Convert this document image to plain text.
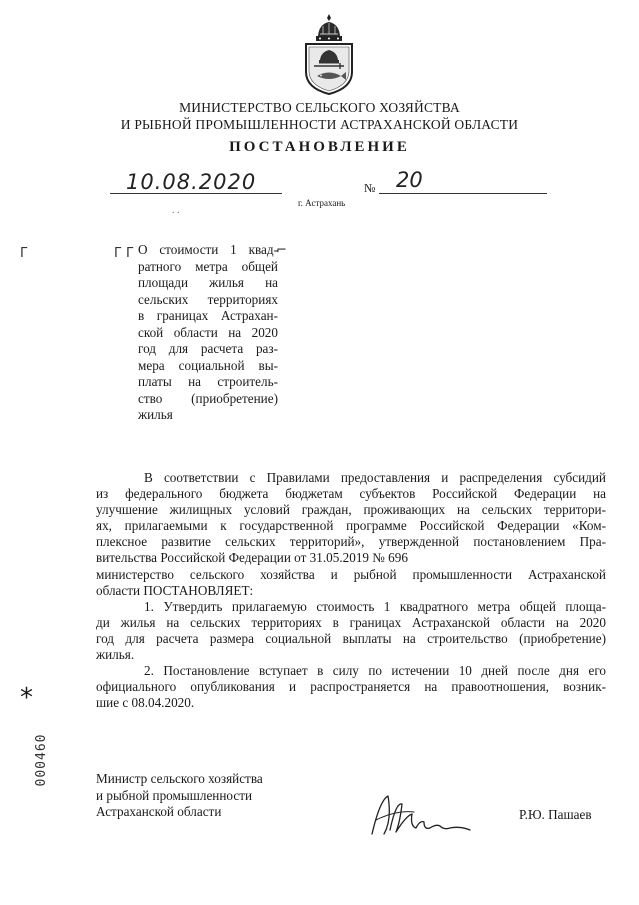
МИНИСТЕРСТВО СЕЛЬСКОГО ХОЗЯЙСТВА
И РЫБНОЙ ПРОМЫШЛЕННОСТИ АСТРАХАНСКОЙ ОБЛАСТИ
ПОСТАНОВЛЕНИЕ
10.08.2020	№ 20
г. Астрахань
. .
Г	Г Г	⌐
О стоимости 1 квад-
ратного метра общей
площади жилья на
сельских территориях
в границах Астрахан-
ской области на 2020
год для расчета раз-
мера социальной вы-
платы на строитель-
ство (приобретение)
жилья
В соответствии с Правилами предоставления и распределения субсидий
из федерального бюджета бюджетам субъектов Российской Федерации на
улучшение жилищных условий граждан, проживающих на сельских территори-
ях, прилагаемыми к государственной программе Российской Федерации «Ком-
плексное развитие сельских территорий», утвержденной постановлением Пра-
вительства Российской Федерации от 31.05.2019 № 696
министерство сельского хозяйства и рыбной промышленности Астраханской
области ПОСТАНОВЛЯЕТ:
1. Утвердить прилагаемую стоимость 1 квадратного метра общей площа-
ди жилья на сельских территориях в границах Астраханской области на 2020
год для расчета размера социальной выплаты на строительство (приобретение)
жилья.
2. Постановление вступает в силу по истечении 10 дней после дня его
официального опубликования и распространяется на правоотношения, возник-
шие с 08.04.2020.
Министр сельского хозяйства
и рыбной промышленности
Астраханской области	Р.Ю. Пашаев
*
000460
